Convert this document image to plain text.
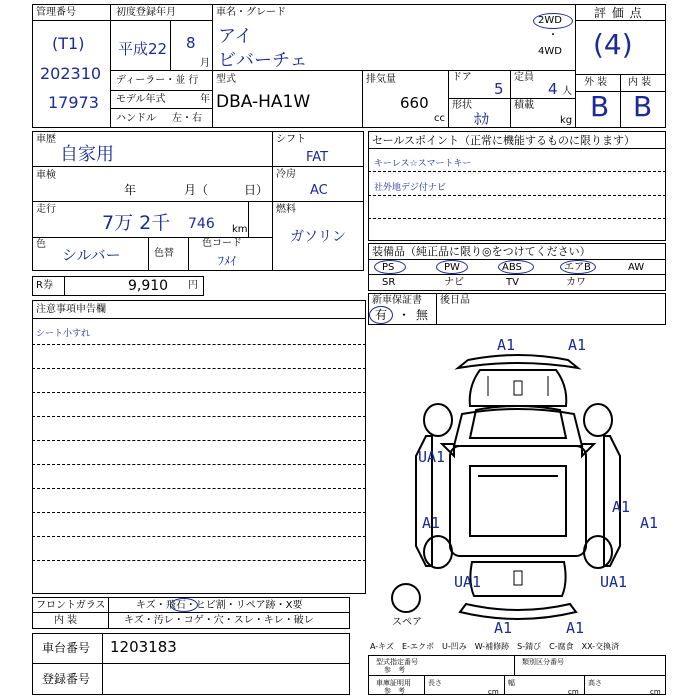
管理番号
(T1)
202310
17973
初度登録年月
平成22 8
月
ディーラー・並 行
モデル年式	年
ハンドル 左・右
車名・グレード
アイ
ビバーチェ
2WD
・
4WD
型式
DBA-HA1W
排気量
660
cc
ドア
5
定員
4 人
形状
ﾎｶ
積載
kg
評 価 点
(4)
外 装 内 装
B B
車歴
自家用
車検
年	月（	日）
走行
7万 2千 746 km
色
シルバー	色替
色コード
ﾌﾒｲ
シフト
FAT
冷房
AC
燃料
ガソリン
R券	9,910 円
セールスポイント（正常に機能するものに限ります）
キーレス☆スマートキー
社外地デジ付ナビ
装備品（純正品に限り◎をつけてください）
PS	PW	ABS	エアB	AW
SR	ナビ	TV	カワ
新車保証書
有 ・ 無
後日品
注意事項申告欄
シート小すれ
スペア
A1	A1
UA1
A1
A1
A1
UA1	UA1
A1	A1
フロントガラス	キズ・飛石・ヒビ割・リペア跡・X要
内 装	キズ・汚レ・コゲ・穴・スレ・キレ・破レ
車台番号 1203183
登録番号
A-キズ　E-エクボ　U-凹み　W-補修跡　S-錆び　C-腐食　XX-交換済
型式指定番号
参　考
類別区分番号
車庫証明用
参　考
長さ
cm
幅
cm
高さ
cm
